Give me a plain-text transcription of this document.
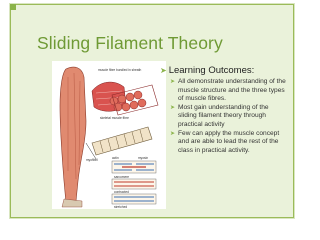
Sliding Filament Theory
muscle fibre bundled in sheath
skeletal muscle fibre
myofibril	actin	myosin
sarcomere
contracted
stretched
➤ Learning Outcomes:
➤ All demonstrate understanding of the muscle structure and the three types of muscle fibres.
➤ Most gain understanding of the sliding filament theory through practical activity
➤ Few can apply the muscle concept and are able to lead the rest of the class in practical activity.
